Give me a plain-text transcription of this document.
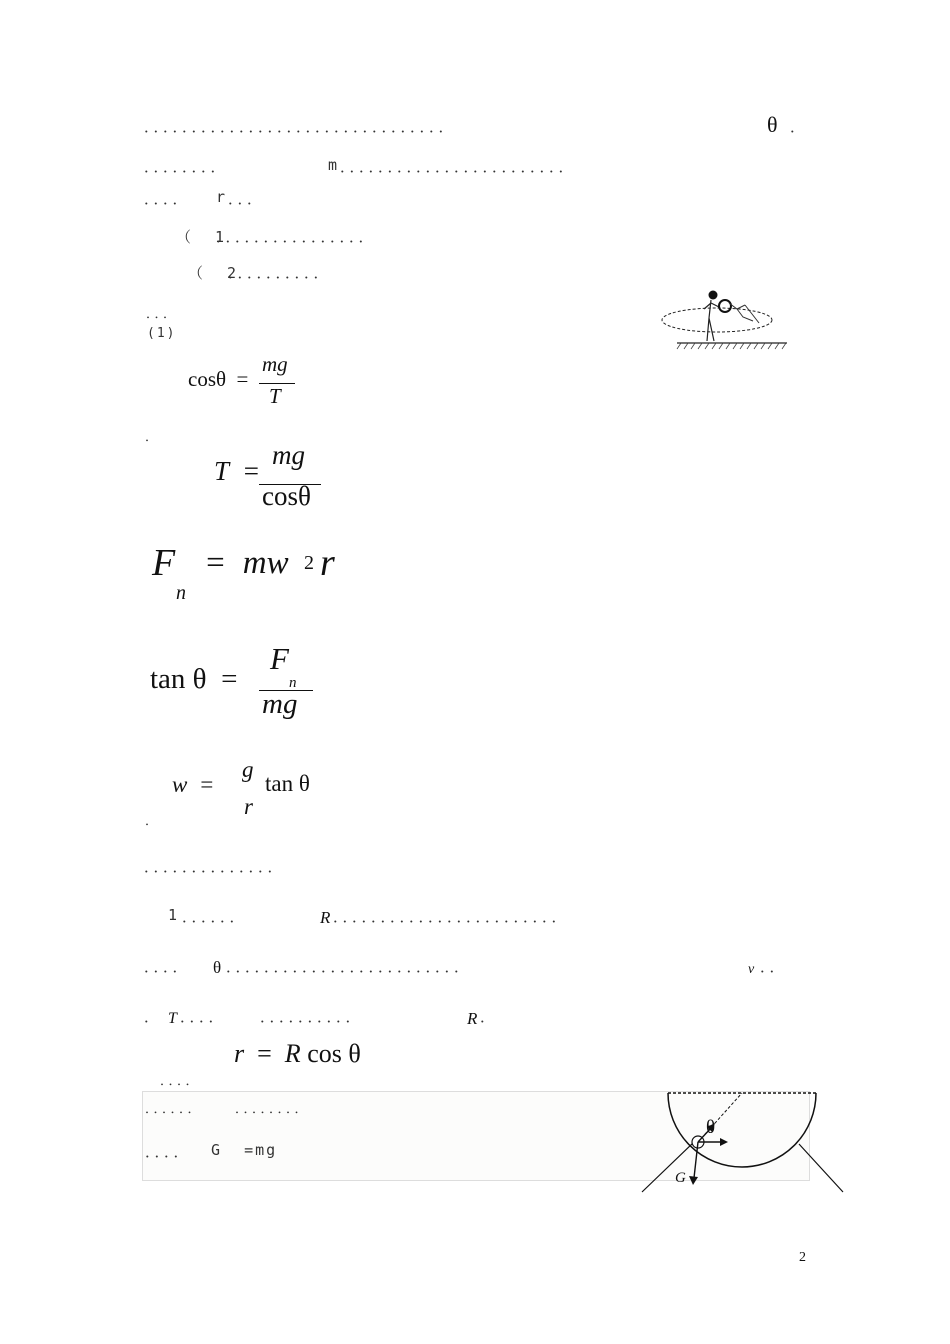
．．．．．．．．．．．．．．．．．．．．．．．．．．．．．．．．	θ ．
．．．．．．．．	m ．．．．．．．．．．．．．．．．．．．．．．．．
．．．． r ．．．
（  1
．．．．．．．．．．．．．．．．
（  2
．．．．．．．．．．
．．．
(1)
cosθ  =
mg
T
．
T  =
mg
cosθ
F
n
=  mw 2 r
tan θ  =
F
n
mg
w  =
g
r
tan θ
．
．．．．．．．．．．．．．．
1 ．．．．．．	R ．．．．．．．．．．．．．．．．．．．．．．．．
．．．． θ ．．．．．．．．．．．．．．．．．．．．．．．．．	v ．．
． T ．．．． ．．．．．．．．．．	R ．
r  =  R cos θ
．．．．
．．．．．． ．．．．．．．．
．．．． G  =mg
θ
G
2
